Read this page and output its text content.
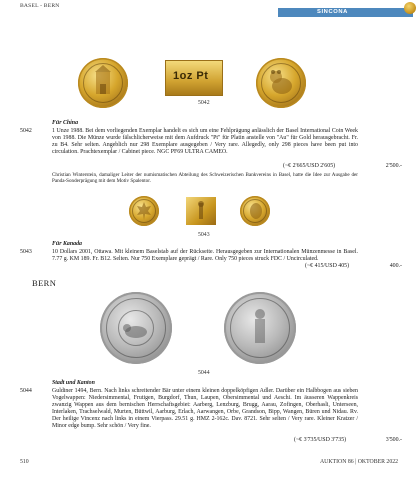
BASEL - BERN
SINCONA
1oz Pt
5042
Für China
5042	1 Unze 1988. Bei dem vorliegenden Exemplar handelt es sich um eine Fehlprägung anlässlich der Basel International Coin Week von 1988. Die Münze wurde fälschlicherweise mit dem Aufdruck "Pt" für Platin anstelle von "Au" für Gold herausgebracht. Fr. zu B4. Sehr selten. Angeblich nur 298 Exemplare ausgegeben / Very rare. Allegedly, only 298 pieces have been put into circulation. Prachtexemplar / Cabinet piece. NGC PF69 ULTRA CAMEO.
(~€ 2'665/USD 2'605)	2'500.-
Christian Winterstein, damaliger Leiter der numismatischen Abteilung des Schweizerischen Bankvereins in Basel, hatte die Idee zur Ausgabe der Panda-Sonderprägung mit dem Motiv Spalentor.
5043
Für Kanada
5043	10 Dollars 2001, Ottawa. Mit kleinem Baselstab auf der Rückseite. Herausgegeben zur Internationalen Münzenmesse in Basel. 7.77 g. KM 189. Fr. B12. Selten. Nur 750 Exemplare geprägt / Rare. Only 750 pieces struck FDC / Uncirculated.
(~€ 415/USD 405)	400.-
BERN
5044
Stadt und Kanton
5044	Guldiner 1494, Bern. Nach links schreitender Bär unter einem kleinen doppelköpfigen Adler. Darüber ein Halbbogen aus sieben Vogelwappen: Niedersimmental, Frutigen, Burgdorf, Thun, Laupen, Obersimmental und Aeschi. Im äusseren Wappenkreis zwanzig Wappen aus dem bernischen Herrschaftsgebiet: Aarberg, Lenzburg, Brugg, Aarau, Zofingen, Oberhasli, Unterseen, Interlaken, Trachselwald, Murten, Büttwil, Aarburg, Erlach, Aarwangen, Orbe, Grandson, Bipp, Wangen, Büren und Nidau. Rv. Der heilige Vincenz nach links in einem Vierpass. 29.51 g. HMZ 2-162c. Dav. 8721. Sehr selten / Very rare. Kleiner Kratzer / Minor edge bump. Sehr schön / Very fine.
(~€ 3'735/USD 3'735)	3'500.-
510	AUKTION 86 | OKTOBER 2022
